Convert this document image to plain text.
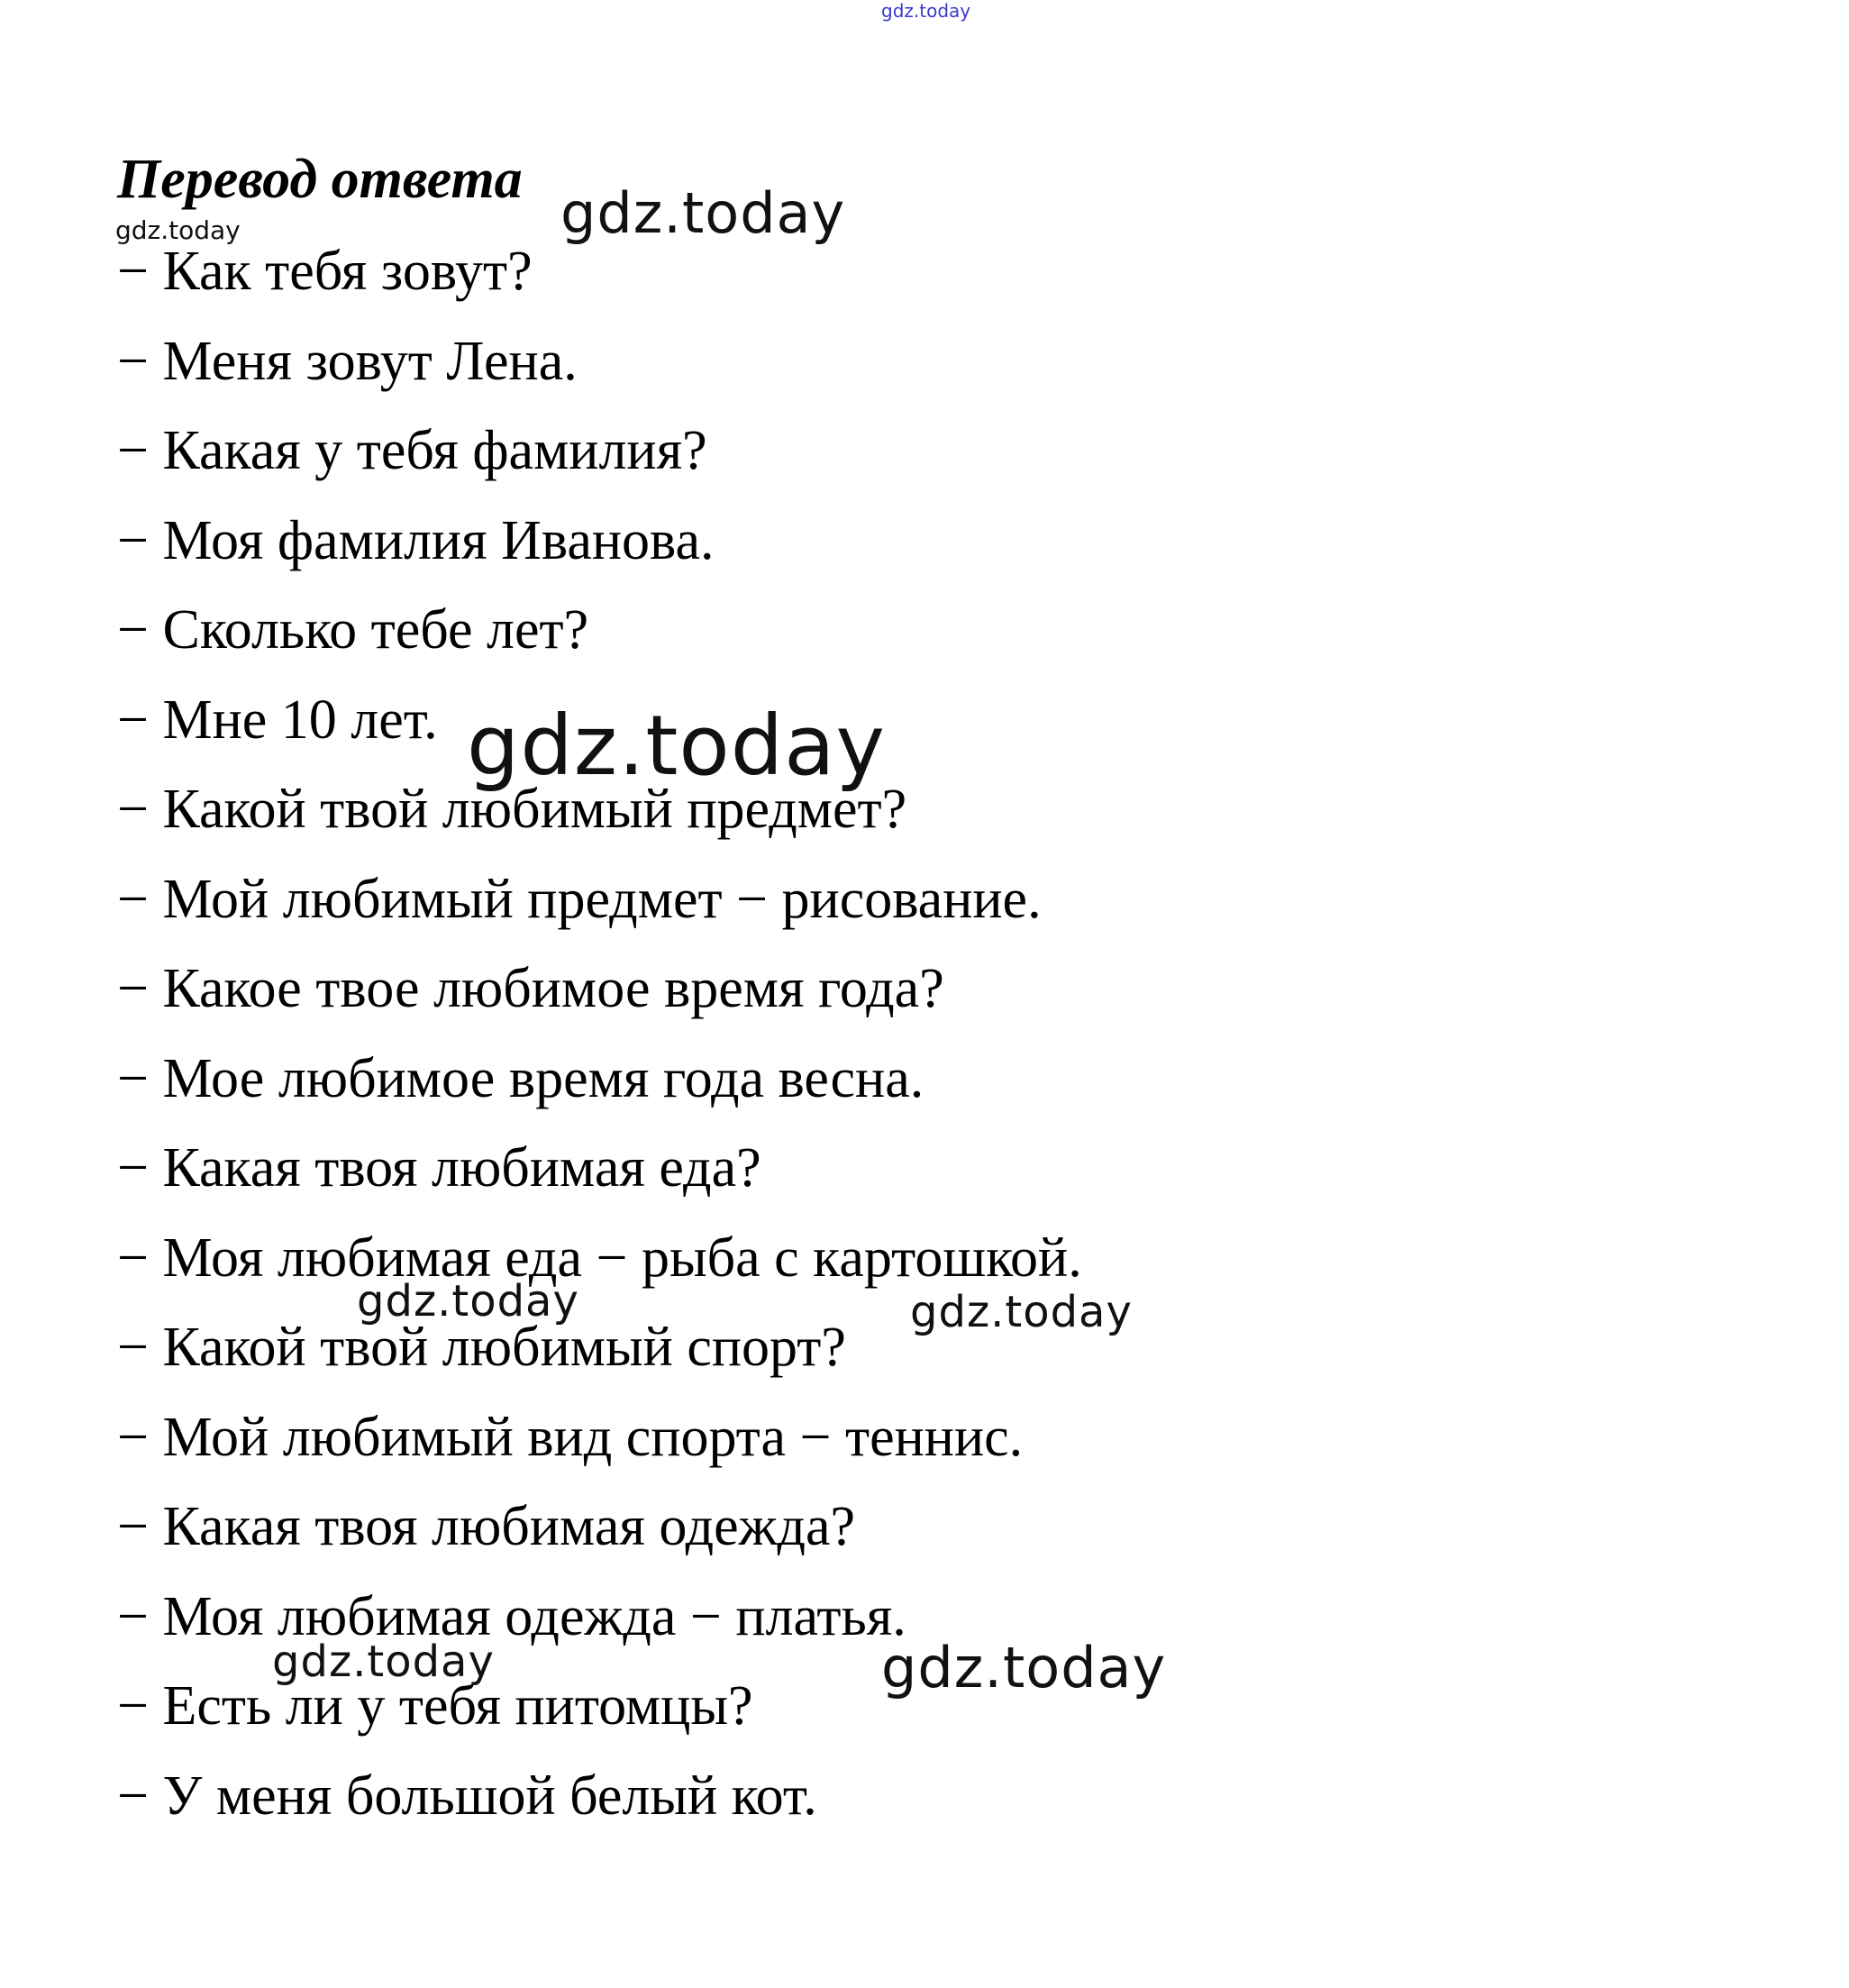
gdz.today
Перевод ответа
gdz.today	gdz.today
− Как тебя зовут?
− Меня зовут Лена.
− Какая у тебя фамилия?
− Моя фамилия Иванова.
− Сколько тебе лет?
− Мне 10 лет.
− Какой твой любимый предмет?
− Мой любимый предмет − рисование.
− Какое твое любимое время года?
− Мое любимое время года весна.
− Какая твоя любимая еда?
− Моя любимая еда − рыба с картошкой.
− Какой твой любимый спорт?
− Мой любимый вид спорта − теннис.
− Какая твоя любимая одежда?
− Моя любимая одежда − платья.
− Есть ли у тебя питомцы?
− У меня большой белый кот.
gdz.today
gdz.today	gdz.today
gdz.today	gdz.today
